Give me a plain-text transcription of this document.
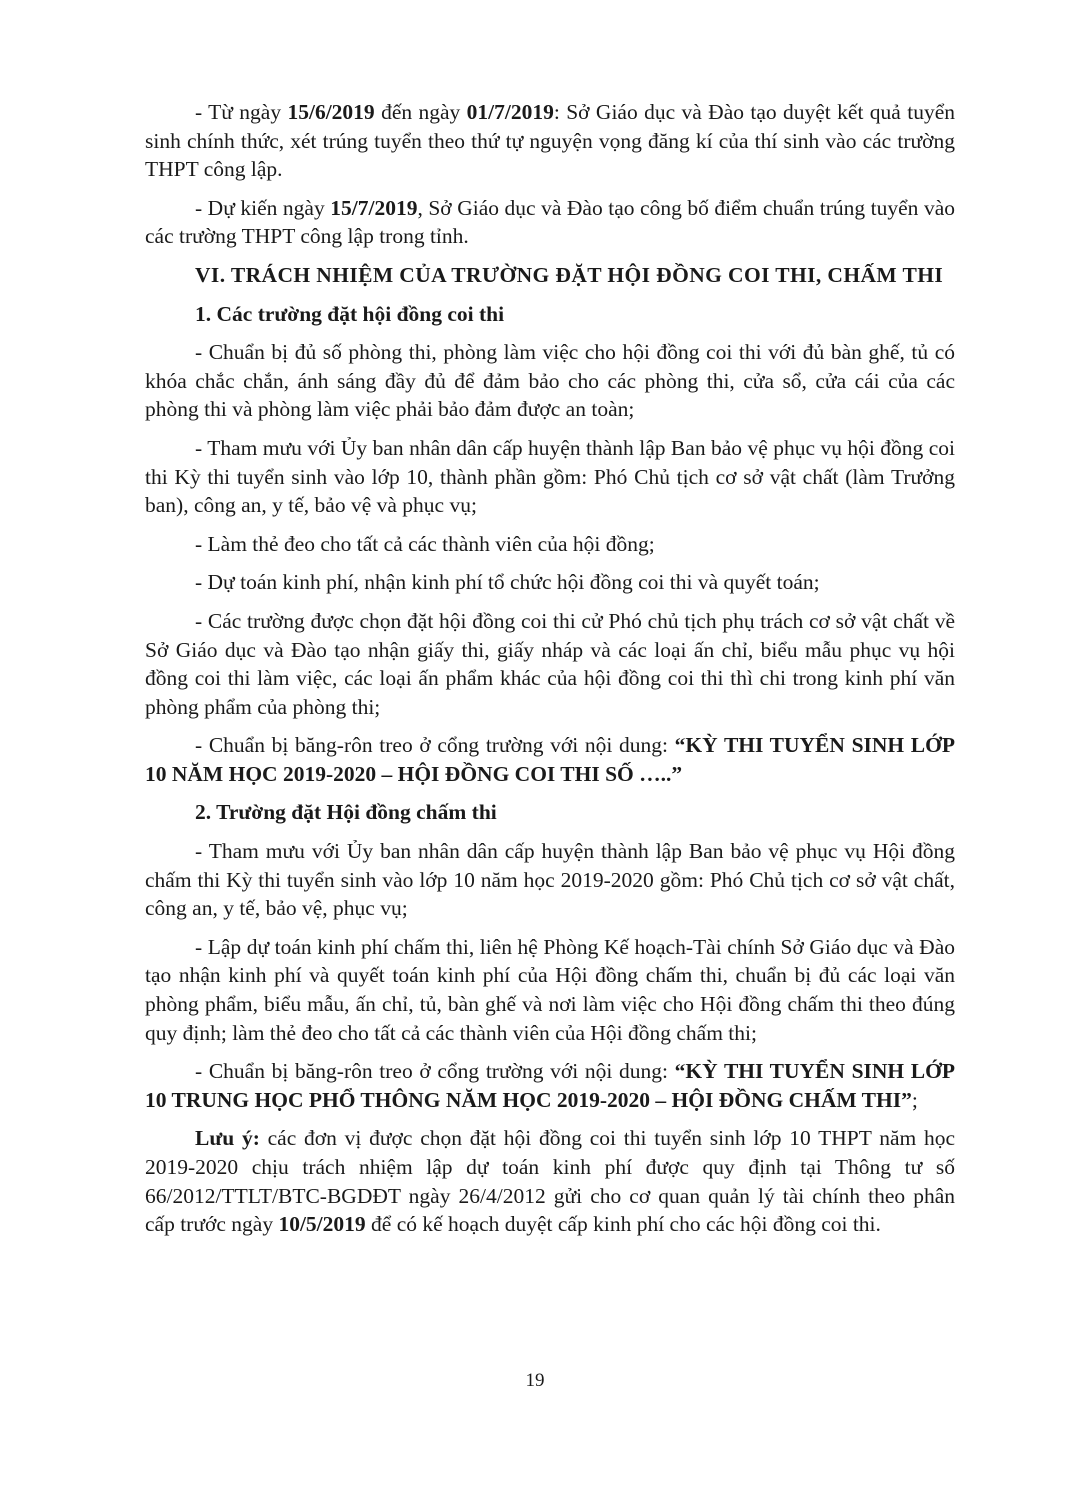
- Từ ngày 15/6/2019 đến ngày 01/7/2019: Sở Giáo dục và Đào tạo duyệt kết quả tuyển sinh chính thức, xét trúng tuyển theo thứ tự nguyện vọng đăng kí của thí sinh vào các trường THPT công lập.

- Dự kiến ngày 15/7/2019, Sở Giáo dục và Đào tạo công bố điểm chuẩn trúng tuyển vào các trường THPT công lập trong tỉnh.

VI. TRÁCH NHIỆM CỦA TRƯỜNG ĐẶT HỘI ĐỒNG COI THI, CHẤM THI

1. Các trường đặt hội đồng coi thi

- Chuẩn bị đủ số phòng thi, phòng làm việc cho hội đồng coi thi với đủ bàn ghế, tủ có khóa chắc chắn, ánh sáng đầy đủ để đảm bảo cho các phòng thi, cửa sổ, cửa cái của các phòng thi và phòng làm việc phải bảo đảm được an toàn;

- Tham mưu với Ủy ban nhân dân cấp huyện thành lập Ban bảo vệ phục vụ hội đồng coi thi Kỳ thi tuyển sinh vào lớp 10, thành phần gồm: Phó Chủ tịch cơ sở vật chất (làm Trưởng ban), công an, y tế, bảo vệ và phục vụ;

- Làm thẻ đeo cho tất cả các thành viên của hội đồng;

- Dự toán kinh phí, nhận kinh phí tổ chức hội đồng coi thi và quyết toán;

- Các trường được chọn đặt hội đồng coi thi cử Phó chủ tịch phụ trách cơ sở vật chất về Sở Giáo dục và Đào tạo nhận giấy thi, giấy nháp và các loại ấn chỉ, biểu mẫu phục vụ hội đồng coi thi làm việc, các loại ấn phẩm khác của hội đồng coi thi thì chi trong kinh phí văn phòng phẩm của phòng thi;

- Chuẩn bị băng-rôn treo ở cổng trường với nội dung: “KỲ THI TUYỂN SINH LỚP 10 NĂM HỌC 2019-2020 – HỘI ĐỒNG COI THI SỐ …..”

2. Trường đặt Hội đồng chấm thi

- Tham mưu với Ủy ban nhân dân cấp huyện thành lập Ban bảo vệ phục vụ Hội đồng chấm thi Kỳ thi tuyển sinh vào lớp 10 năm học 2019-2020 gồm: Phó Chủ tịch cơ sở vật chất, công an, y tế, bảo vệ, phục vụ;

- Lập dự toán kinh phí chấm thi, liên hệ Phòng Kế hoạch-Tài chính Sở Giáo dục và Đào tạo nhận kinh phí và quyết toán kinh phí của Hội đồng chấm thi, chuẩn bị đủ các loại văn phòng phẩm, biểu mẫu, ấn chỉ, tủ, bàn ghế và nơi làm việc cho Hội đồng chấm thi theo đúng quy định; làm thẻ đeo cho tất cả các thành viên của Hội đồng chấm thi;

- Chuẩn bị băng-rôn treo ở cổng trường với nội dung: “KỲ THI TUYỂN SINH LỚP 10 TRUNG HỌC PHỔ THÔNG NĂM HỌC 2019-2020 – HỘI ĐỒNG CHẤM THI”;

Lưu ý: các đơn vị được chọn đặt hội đồng coi thi tuyển sinh lớp 10 THPT năm học 2019-2020 chịu trách nhiệm lập dự toán kinh phí được quy định tại Thông tư số 66/2012/TTLT/BTC-BGDĐT ngày 26/4/2012 gửi cho cơ quan quản lý tài chính theo phân cấp trước ngày 10/5/2019 để có kế hoạch duyệt cấp kinh phí cho các hội đồng coi thi.

19
